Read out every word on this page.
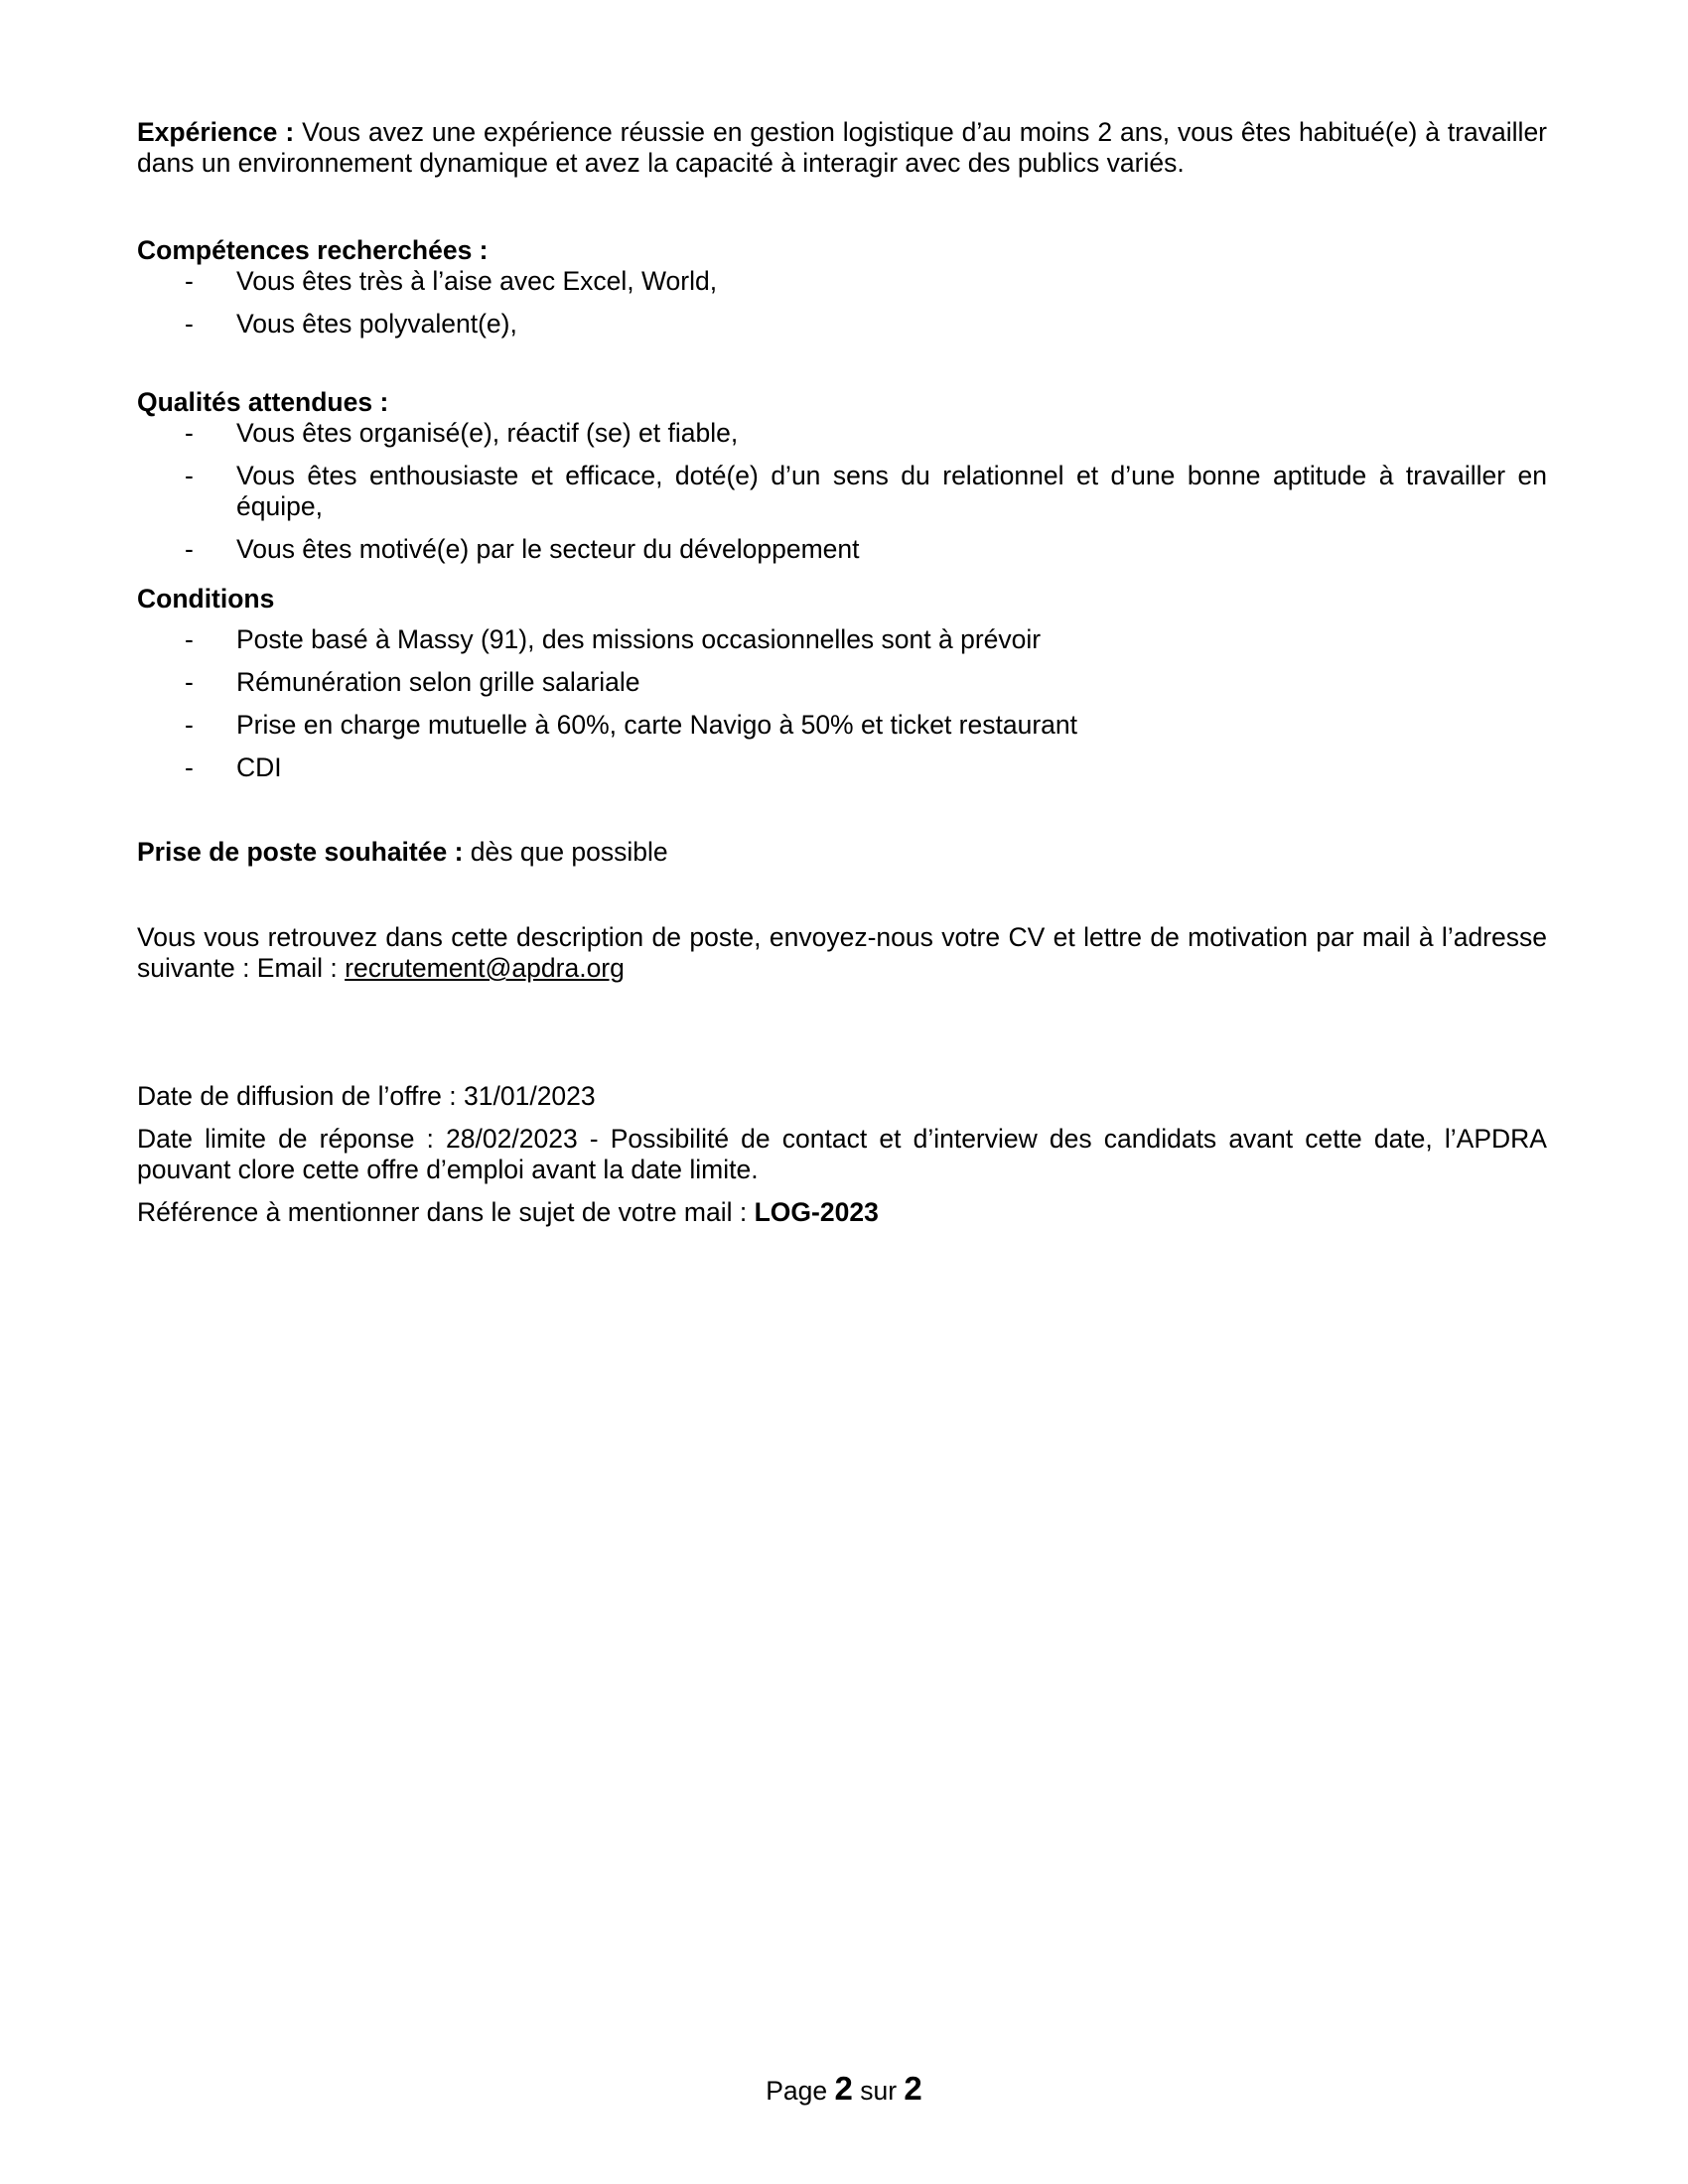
Expérience : Vous avez une expérience réussie en gestion logistique d’au moins 2 ans, vous êtes habitué(e) à travailler dans un environnement dynamique et avez la capacité à interagir avec des publics variés.

Compétences recherchées :

- Vous êtes très à l’aise avec Excel, World,
- Vous êtes polyvalent(e),

Qualités attendues :

- Vous êtes organisé(e), réactif (se) et fiable,
- Vous êtes enthousiaste et efficace, doté(e) d’un sens du relationnel et d’une bonne aptitude à travailler en équipe,
- Vous êtes motivé(e) par le secteur du développement

Conditions

- Poste basé à Massy (91), des missions occasionnelles sont à prévoir
- Rémunération selon grille salariale
- Prise en charge mutuelle à 60%, carte Navigo à 50% et ticket restaurant
- CDI

Prise de poste souhaitée : dès que possible

Vous vous retrouvez dans cette description de poste, envoyez-nous votre CV et lettre de motivation par mail à l’adresse suivante : Email : recrutement@apdra.org

Date de diffusion de l’offre : 31/01/2023

Date limite de réponse : 28/02/2023 - Possibilité de contact et d’interview des candidats avant cette date, l’APDRA pouvant clore cette offre d’emploi avant la date limite.

Référence à mentionner dans le sujet de votre mail : LOG-2023

Page 2 sur 2
